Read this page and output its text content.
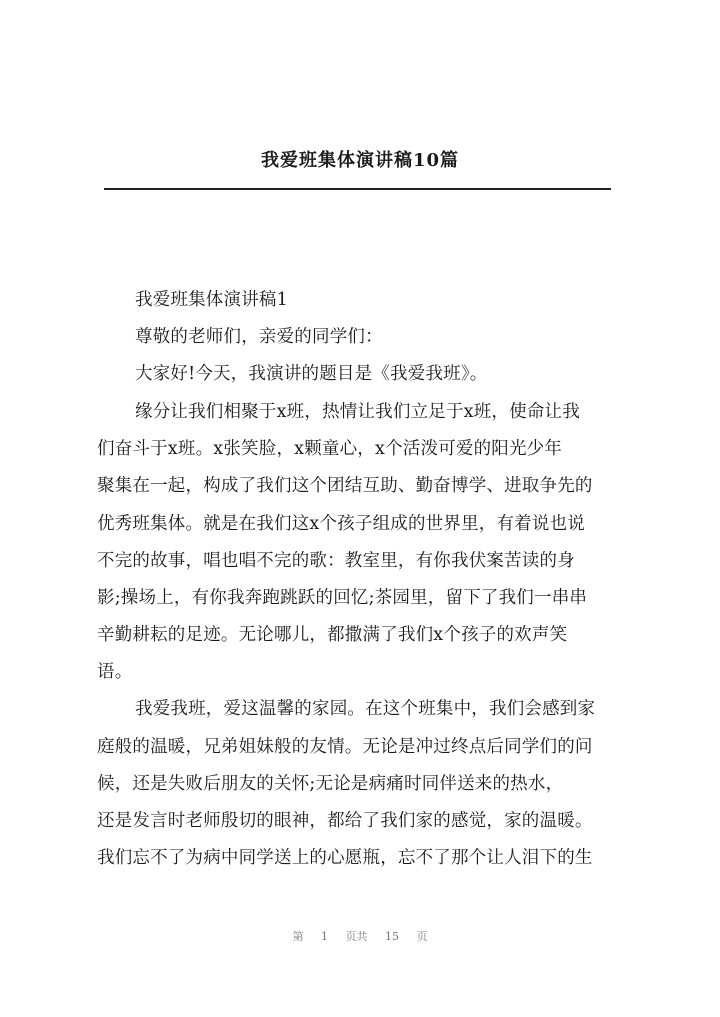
我爱班集体演讲稿10篇
我爱班集体演讲稿1
尊敬的老师们，亲爱的同学们：
大家好!今天，我演讲的题目是《我爱我班》。
缘分让我们相聚于x班，热情让我们立足于x班，使命让我
们奋斗于x班。x张笑脸，x颗童心，x个活泼可爱的阳光少年
聚集在一起，构成了我们这个团结互助、勤奋博学、进取争先的
优秀班集体。就是在我们这x个孩子组成的世界里，有着说也说
不完的故事，唱也唱不完的歌：教室里，有你我伏案苦读的身
影;操场上，有你我奔跑跳跃的回忆;茶园里，留下了我们一串串
辛勤耕耘的足迹。无论哪儿，都撒满了我们x个孩子的欢声笑
语。
我爱我班，爱这温馨的家园。在这个班集中，我们会感到家
庭般的温暖，兄弟姐妹般的友情。无论是冲过终点后同学们的问
候，还是失败后朋友的关怀;无论是病痛时同伴送来的热水，
还是发言时老师殷切的眼神，都给了我们家的感觉，家的温暖。
我们忘不了为病中同学送上的心愿瓶，忘不了那个让人泪下的生
第 1 页共 15 页
